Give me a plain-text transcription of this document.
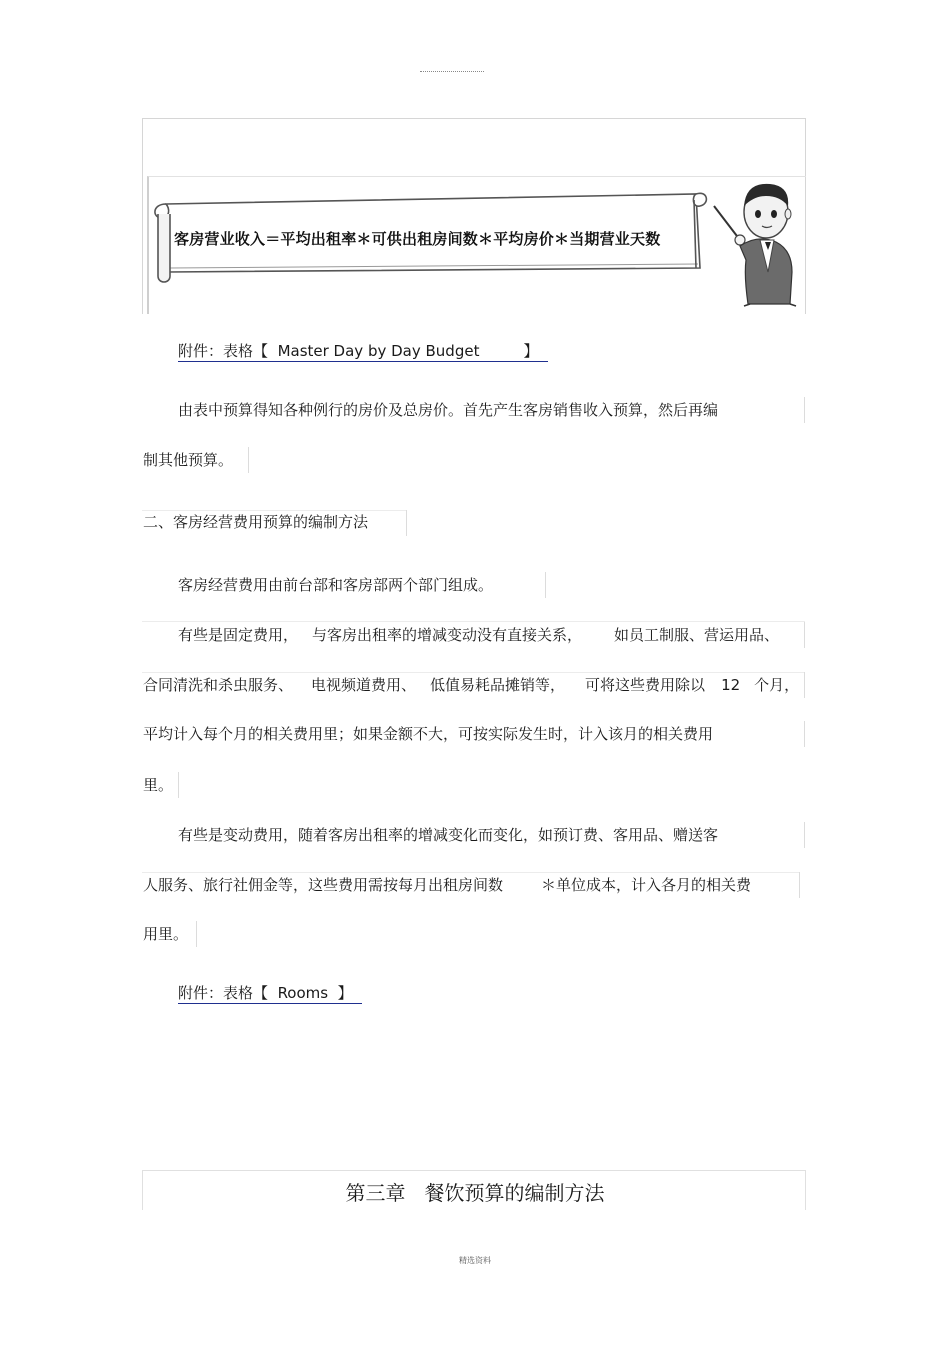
客房营业收入＝平均出租率＊可供出租房间数＊平均房价＊当期营业天数
附件：表格【 Master Day by Day Budget	】
由表中预算得知各种例行的房价及总房价。首先产生客房销售收入预算，然后再编
制其他预算。
二、客房经营费用预算的编制方法
客房经营费用由前台部和客房部两个部门组成。
有些是固定费用， 与客房出租率的增减变动没有直接关系， 如员工制服、营运用品、
合同清洗和杀虫服务、 电视频道费用、 低值易耗品摊销等， 可将这些费用除以 12 个月，
平均计入每个月的相关费用里；如果金额不大，可按实际发生时，计入该月的相关费用
里。
有些是变动费用，随着客房出租率的增减变化而变化，如预订费、客用品、赠送客
人服务、旅行社佣金等，这些费用需按每月出租房间数	＊单位成本，计入各月的相关费
用里。
附件：表格【 Rooms 】
第三章   餐饮预算的编制方法
精选资料
